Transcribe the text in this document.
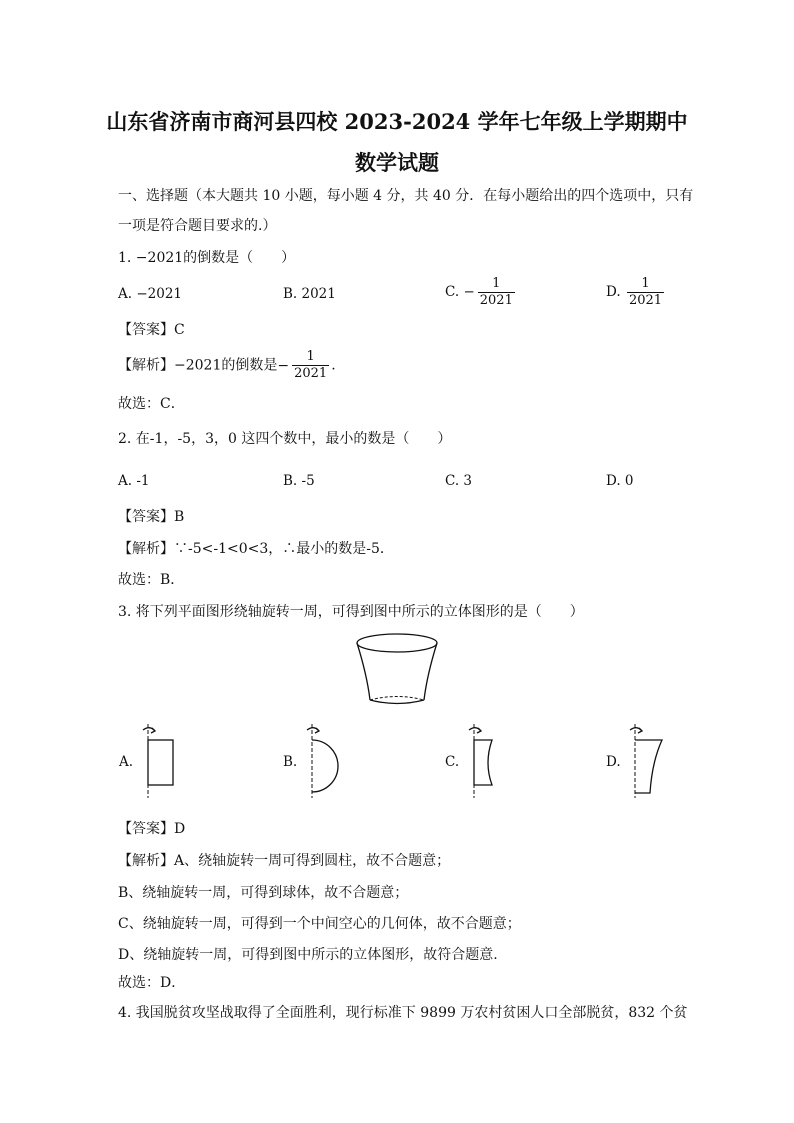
山东省济南市商河县四校 2023-2024 学年七年级上学期期中
数学试题
一、选择题（本大题共 10 小题，每小题 4 分，共 40 分．在每小题给出的四个选项中，只有
一项是符合题目要求的.）
1. −2021的倒数是（　　）
A. −2021	B. 2021	C. − $\frac{1}{2021}$	D. $\frac{1}{2021}$
【答案】C
【解析】−2021的倒数是− $\frac{1}{2021}$ .
故选：C．
2. 在-1，-5，3，0 这四个数中，最小的数是（　　）
A. -1	B. -5	C. 3	D. 0
【答案】B
【解析】∵-5<-1<0<3，∴最小的数是-5．
故选：B．
3. 将下列平面图形绕轴旋转一周，可得到图中所示的立体图形的是（　　）
A.	B.	C.	D.
【答案】D
【解析】A、绕轴旋转一周可得到圆柱，故不合题意；
B、绕轴旋转一周，可得到球体，故不合题意；
C、绕轴旋转一周，可得到一个中间空心的几何体，故不合题意；
D、绕轴旋转一周，可得到图中所示的立体图形，故符合题意.
故选：D．
4. 我国脱贫攻坚战取得了全面胜利，现行标准下 9899 万农村贫困人口全部脱贫，832 个贫
